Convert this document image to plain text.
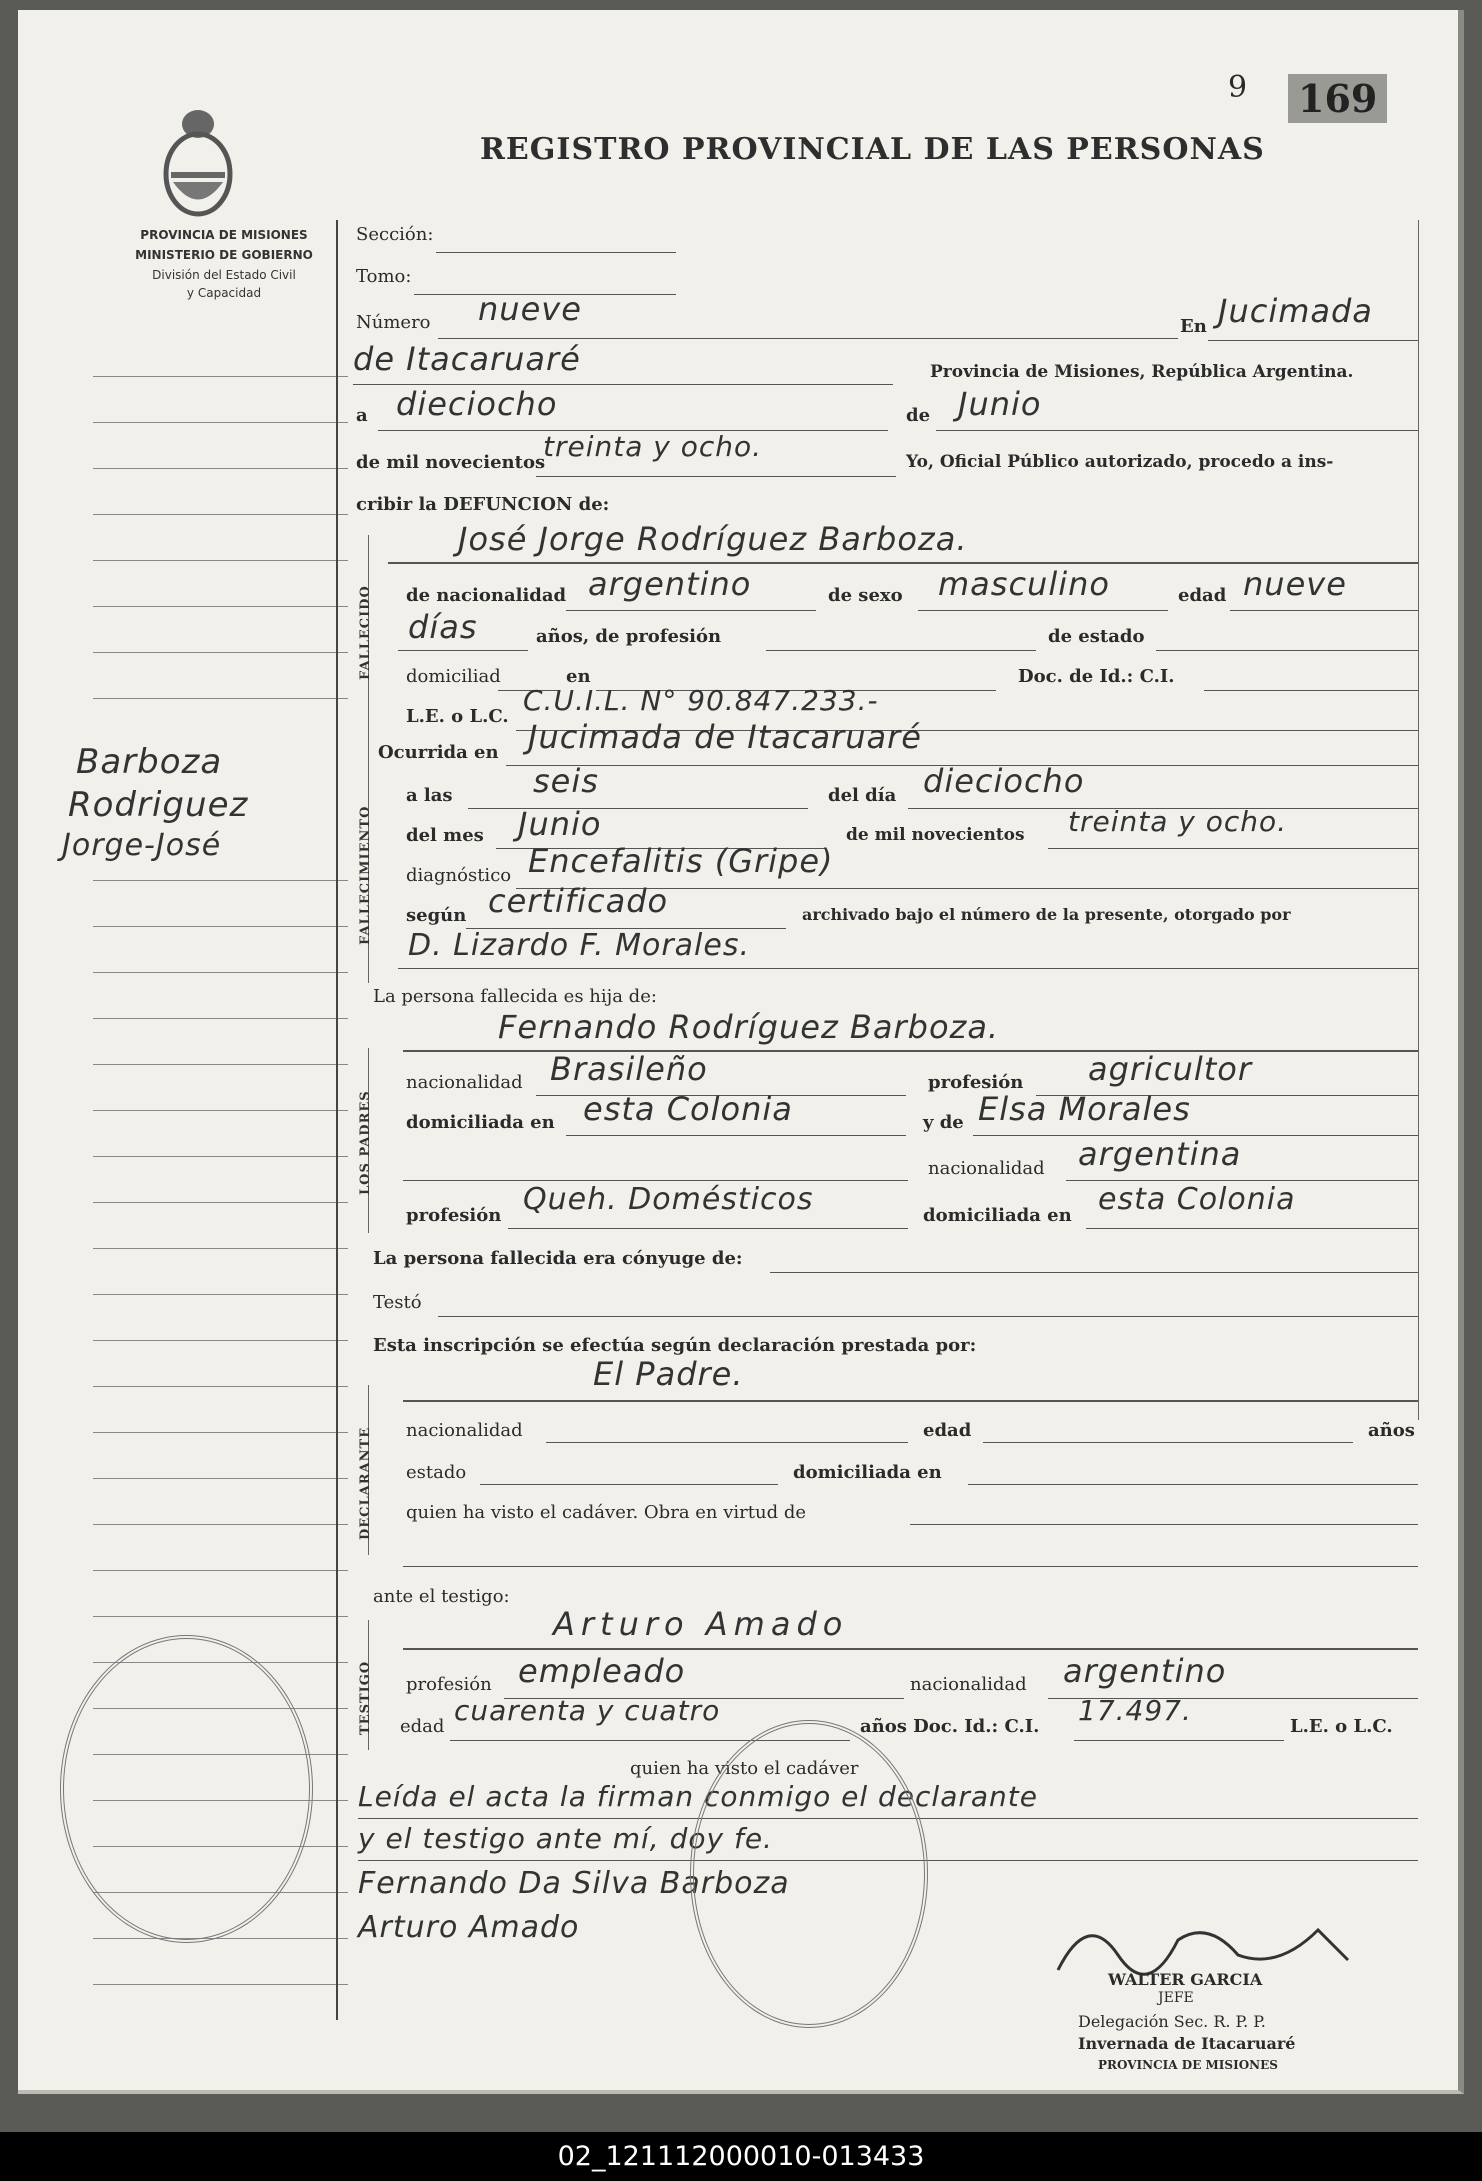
PROVINCIA DE MISIONES
MINISTERIO DE GOBIERNO
División del Estado Civil
y Capacidad
REGISTRO PROVINCIAL DE LAS PERSONAS
9 169
Barboza
Rodriguez
Jorge-José
FALLECIDO
FALLECIMIENTO
LOS PADRES
DECLARANTE
TESTIGO
Sección:
Tomo:
Número nueve	En Jucimada
de Itacaruaré	Provincia de Misiones, República Argentina.
a dieciocho	de Junio
de mil novecientos
treinta y ocho.	Yo, Oficial Público autorizado, procedo a ins-
cribir la DEFUNCION de:
José Jorge Rodríguez Barboza.
de nacionalidad argentino	de sexo masculino	edad nueve
días	años, de profesión	de estado
domiciliad	en	Doc. de Id.: C.I.
L.E. o L.C. C.U.I.L. N° 90.847.233.-
Ocurrida en Jucimada de Itacaruaré
a las	seis	del día dieciocho
del mes Junio	de mil novecientos treinta y ocho.
diagnóstico Encefalitis (Gripe)
según certificado	archivado bajo el número de la presente, otorgado por
D. Lizardo F. Morales.
La persona fallecida es hija de:
Fernando Rodríguez Barboza.
nacionalidad Brasileño	profesión agricultor
domiciliada en esta Colonia	y de Elsa Morales
nacionalidad argentina
profesión Queh. Domésticos	domiciliada en esta Colonia
La persona fallecida era cónyuge de:
Testó
Esta inscripción se efectúa según declaración prestada por:
El Padre.
nacionalidad	edad	años
estado	domiciliada en
quien ha visto el cadáver. Obra en virtud de
ante el testigo:
Arturo Amado
profesión empleado	nacionalidad argentino
edad cuarenta y cuatro	años Doc. Id.: C.I. 17.497.	L.E. o L.C.
quien ha visto el cadáver
Leída el acta la firman conmigo el declarante
y el testigo ante mí, doy fe.
Fernando Da Silva Barboza
Arturo Amado
WALTER GARCIA
JEFE
Delegación Sec. R. P. P.
Invernada de Itacaruaré
PROVINCIA DE MISIONES
02_121112000010-013433
